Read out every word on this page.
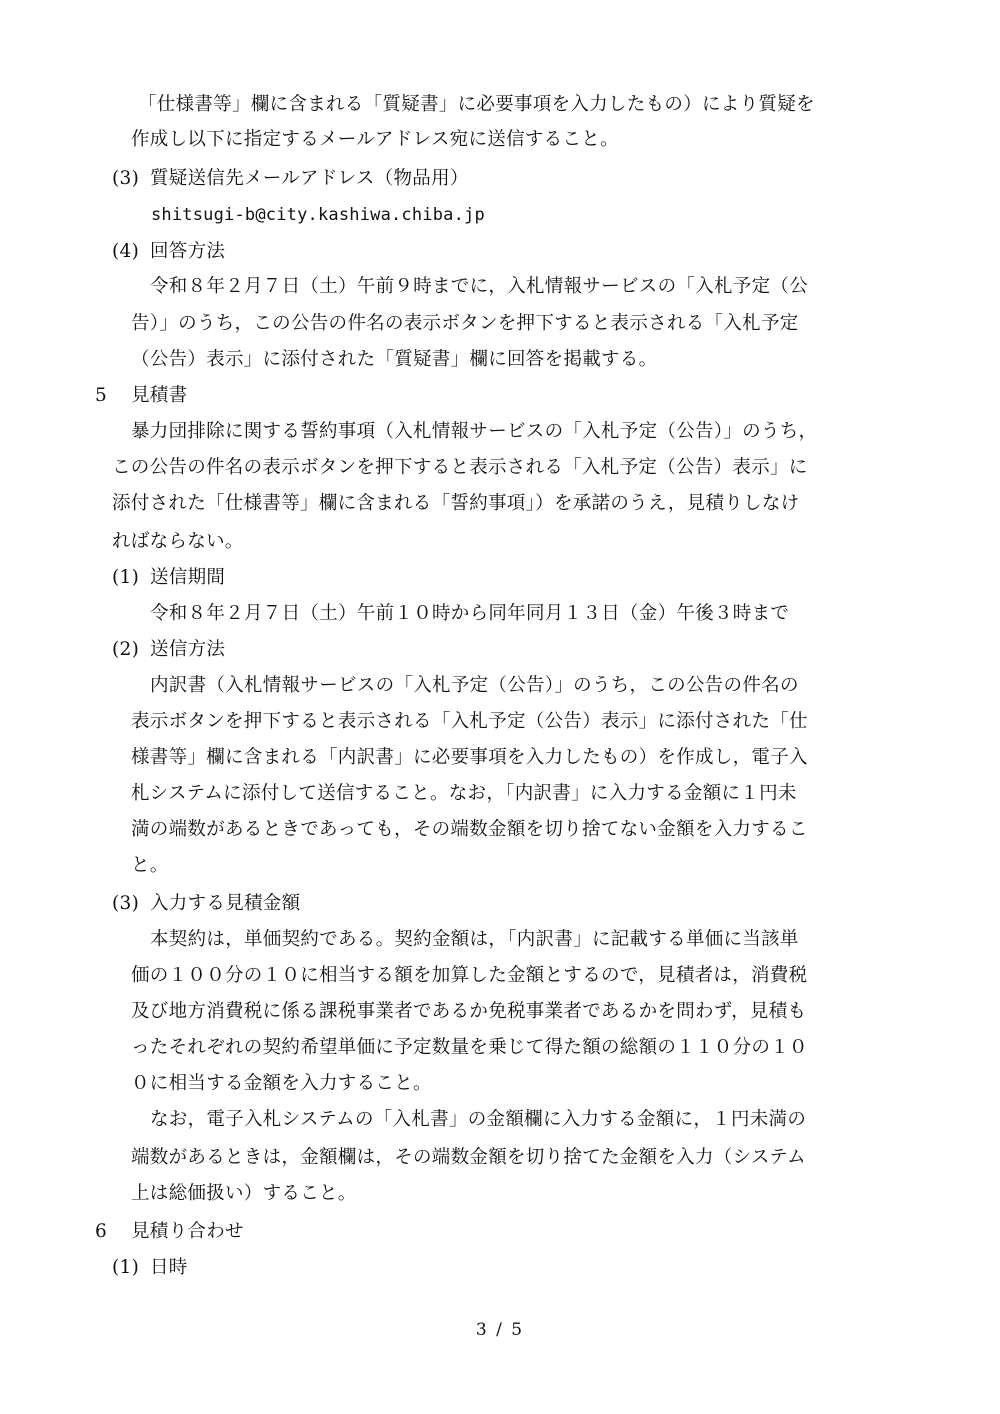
「仕様書等」欄に含まれる「質疑書」に必要事項を入力したもの）により質疑を
作成し以下に指定するメールアドレス宛に送信すること。
(3) 質疑送信先メールアドレス（物品用）
shitsugi-b@city.kashiwa.chiba.jp
(4) 回答方法
令和８年２月７日（土）午前９時までに，入札情報サービスの「入札予定（公
告）」のうち，この公告の件名の表示ボタンを押下すると表示される「入札予定
（公告）表示」に添付された「質疑書」欄に回答を掲載する。
5 見積書
暴力団排除に関する誓約事項（入札情報サービスの「入札予定（公告）」のうち，
この公告の件名の表示ボタンを押下すると表示される「入札予定（公告）表示」に
添付された「仕様書等」欄に含まれる「誓約事項」）を承諾のうえ，見積りしなけ
ればならない。
(1) 送信期間
令和８年２月７日（土）午前１０時から同年同月１３日（金）午後３時まで
(2) 送信方法
内訳書（入札情報サービスの「入札予定（公告）」のうち，この公告の件名の
表示ボタンを押下すると表示される「入札予定（公告）表示」に添付された「仕
様書等」欄に含まれる「内訳書」に必要事項を入力したもの）を作成し，電子入
札システムに添付して送信すること。なお，「内訳書」に入力する金額に１円未
満の端数があるときであっても，その端数金額を切り捨てない金額を入力するこ
と。
(3) 入力する見積金額
本契約は，単価契約である。契約金額は，「内訳書」に記載する単価に当該単
価の１００分の１０に相当する額を加算した金額とするので，見積者は，消費税
及び地方消費税に係る課税事業者であるか免税事業者であるかを問わず，見積も
ったそれぞれの契約希望単価に予定数量を乗じて得た額の総額の１１０分の１０
０に相当する金額を入力すること。
なお，電子入札システムの「入札書」の金額欄に入力する金額に，１円未満の
端数があるときは，金額欄は，その端数金額を切り捨てた金額を入力（システム
上は総価扱い）すること。
6 見積り合わせ
(1) 日時
3 / 5
